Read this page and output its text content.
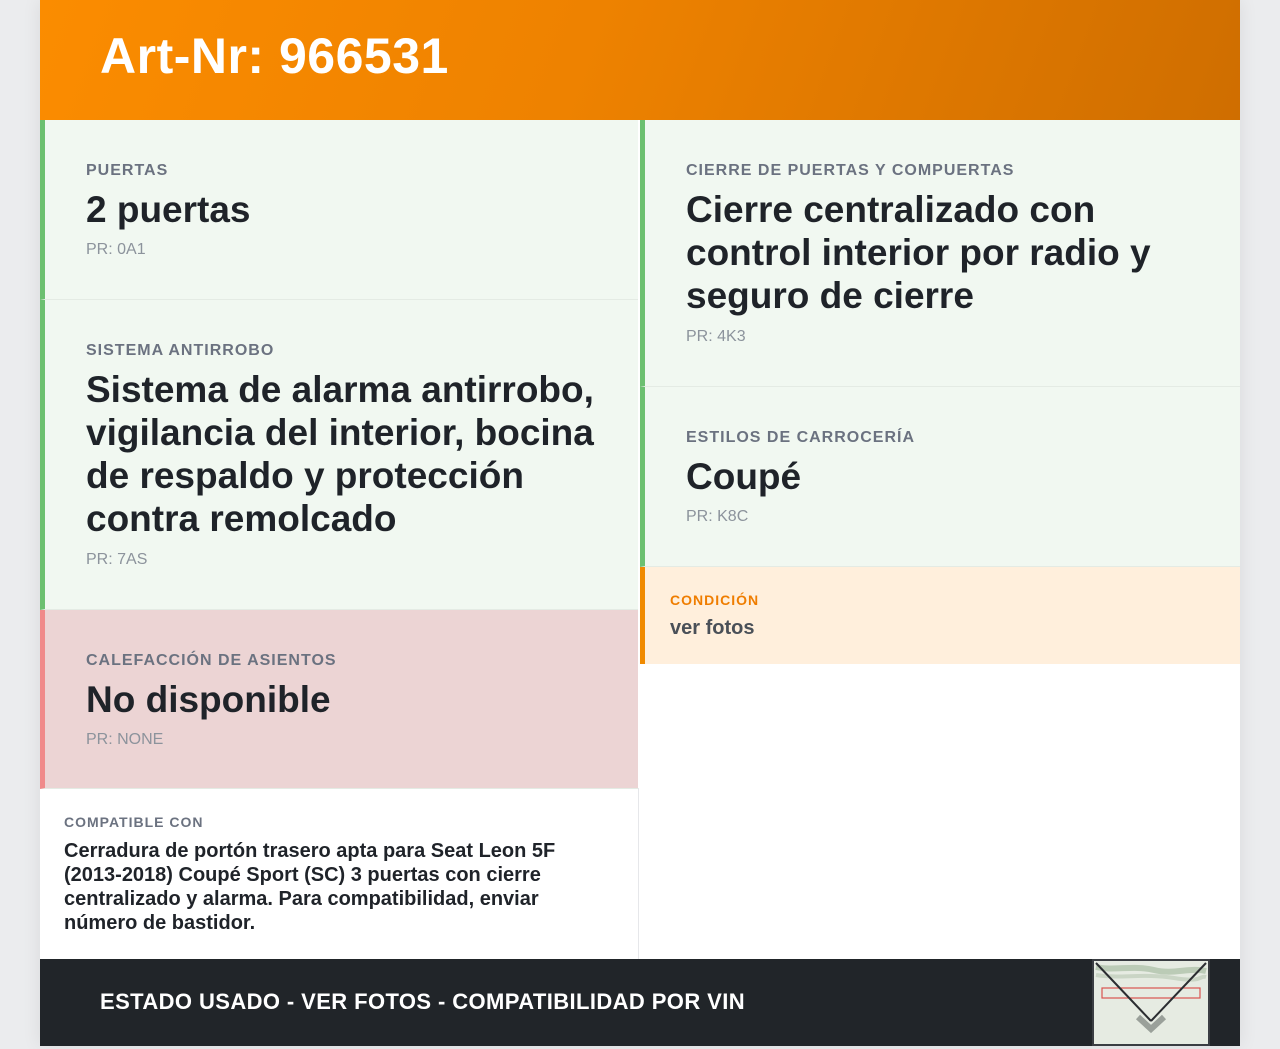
Art-Nr: 966531
PUERTAS
2 puertas
PR: 0A1
SISTEMA ANTIRROBO
Sistema de alarma antirrobo, vigilancia del interior, bocina de respaldo y protección contra remolcado
PR: 7AS
CALEFACCIÓN DE ASIENTOS
No disponible
PR: NONE
CIERRE DE PUERTAS Y COMPUERTAS
Cierre centralizado con control interior por radio y seguro de cierre
PR: 4K3
ESTILOS DE CARROCERÍA
Coupé
PR: K8C
CONDICIÓN
ver fotos
COMPATIBLE CON
Cerradura de portón trasero apta para Seat Leon 5F (2013-2018) Coupé Sport (SC) 3 puertas con cierre centralizado y alarma. Para compatibilidad, enviar número de bastidor.
ESTADO USADO - VER FOTOS - COMPATIBILIDAD POR VIN
